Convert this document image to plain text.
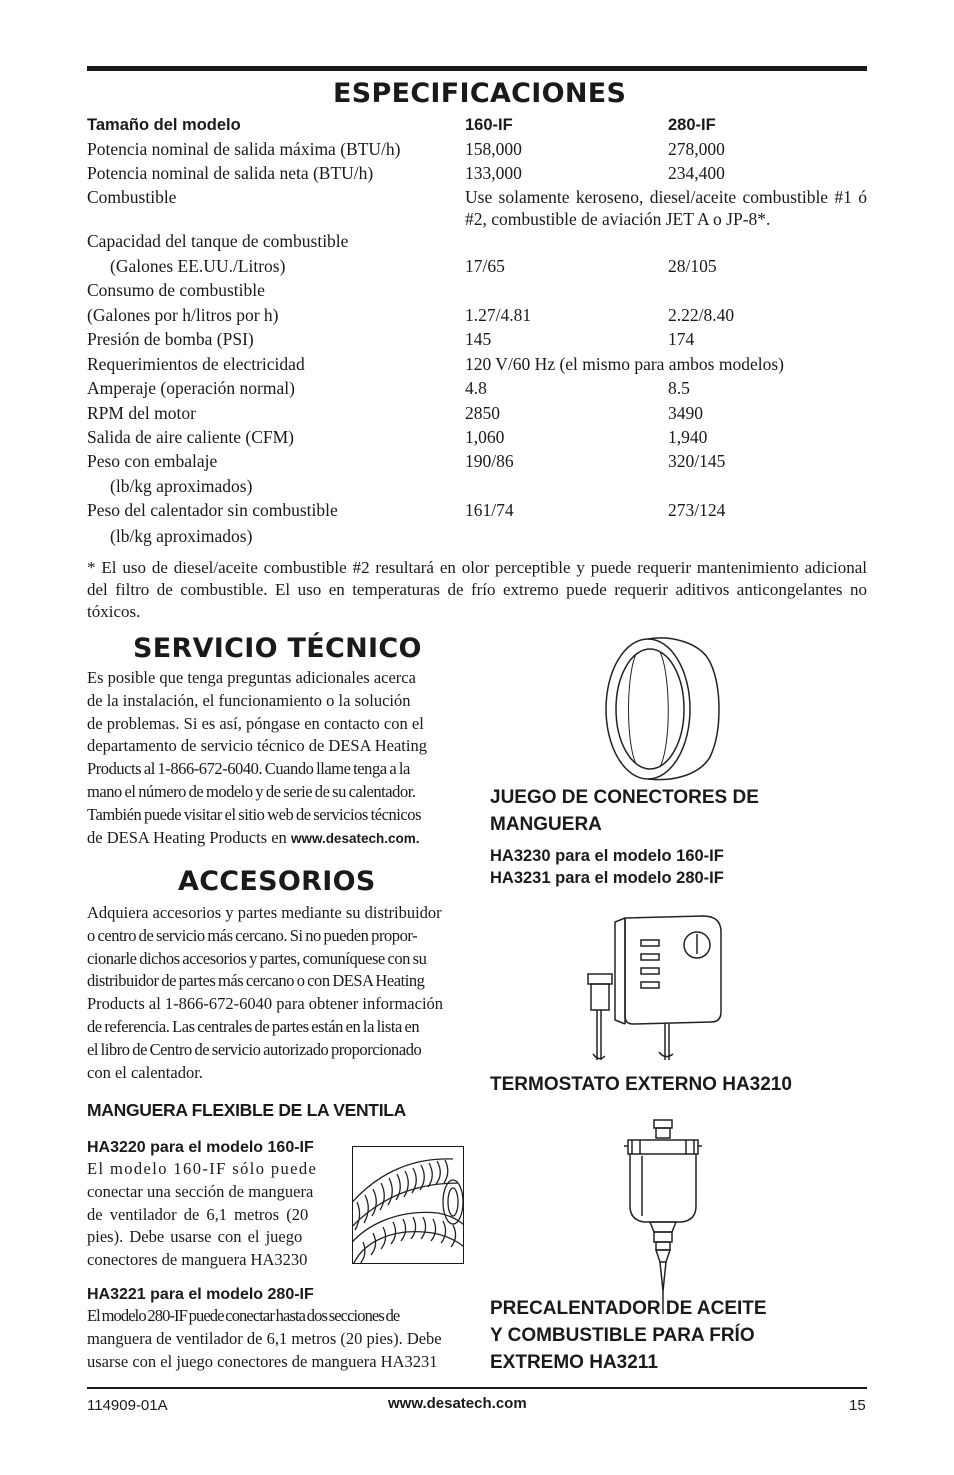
ESPECIFICACIONES
Tamaño del modelo	160-IF	280-IF
Potencia nominal de salida máxima (BTU/h)	158,000	278,000
Potencia nominal de salida neta (BTU/h)	133,000	234,400
Combustible	Use solamente keroseno, diesel/aceite combustible #1 ó #2, combustible de aviación JET A o JP-8*.
Capacidad del tanque de combustible
(Galones EE.UU./Litros)	17/65	28/105
Consumo de combustible
(Galones por h/litros por h)	1.27/4.81	2.22/8.40
Presión de bomba (PSI)	145	174
Requerimientos de electricidad	120 V/60 Hz (el mismo para ambos modelos)
Amperaje (operación normal)	4.8	8.5
RPM del motor	2850	3490
Salida de aire caliente (CFM)	1,060	1,940
Peso con embalaje	190/86	320/145
(lb/kg aproximados)
Peso del calentador sin combustible	161/74	273/124
(lb/kg aproximados)
* El uso de diesel/aceite combustible #2 resultará en olor perceptible y puede requerir mantenimiento adicional del filtro de combustible. El uso en temperaturas de frío extremo puede requerir aditivos anticongelantes no tóxicos.
SERVICIO TÉCNICO
Es posible que tenga preguntas adicionales acerca
de la instalación, el funcionamiento o la solución
de problemas. Si es así, póngase en contacto con el
departamento de servicio técnico de DESA Heating
Products al 1-866-672-6040. Cuando llame tenga a la
mano el número de modelo y de serie de su calentador.
También puede visitar el sitio web de servicios técnicos
de DESA Heating Products en www.desatech.com.
ACCESORIOS
Adquiera accesorios y partes mediante su distribuidor
o centro de servicio más cercano. Si no pueden propor-
cionarle dichos accesorios y partes, comuníquese con su
distribuidor de partes más cercano o con DESA Heating
Products al 1-866-672-6040 para obtener información
de referencia. Las centrales de partes están en la lista en
el libro de Centro de servicio autorizado proporcionado
con el calentador.
MANGUERA FLEXIBLE DE LA VENTILA
HA3220 para el modelo 160-IF
El modelo 160-IF sólo puede
conectar una sección de manguera
de ventilador de 6,1 metros (20
pies). Debe usarse con el juego
conectores de manguera HA3230
HA3221 para el modelo 280-IF
El modelo 280-IF puede conectar hasta dos secciones de
manguera de ventilador de 6,1 metros (20 pies). Debe
usarse con el juego conectores de manguera HA3231
JUEGO DE CONECTORES DE
MANGUERA
HA3230 para el modelo 160-IF
HA3231 para el modelo 280-IF
TERMOSTATO EXTERNO HA3210
PRECALENTADOR DE ACEITE
Y COMBUSTIBLE PARA FRÍO
EXTREMO HA3211
114909-01A	www.desatech.com	15
